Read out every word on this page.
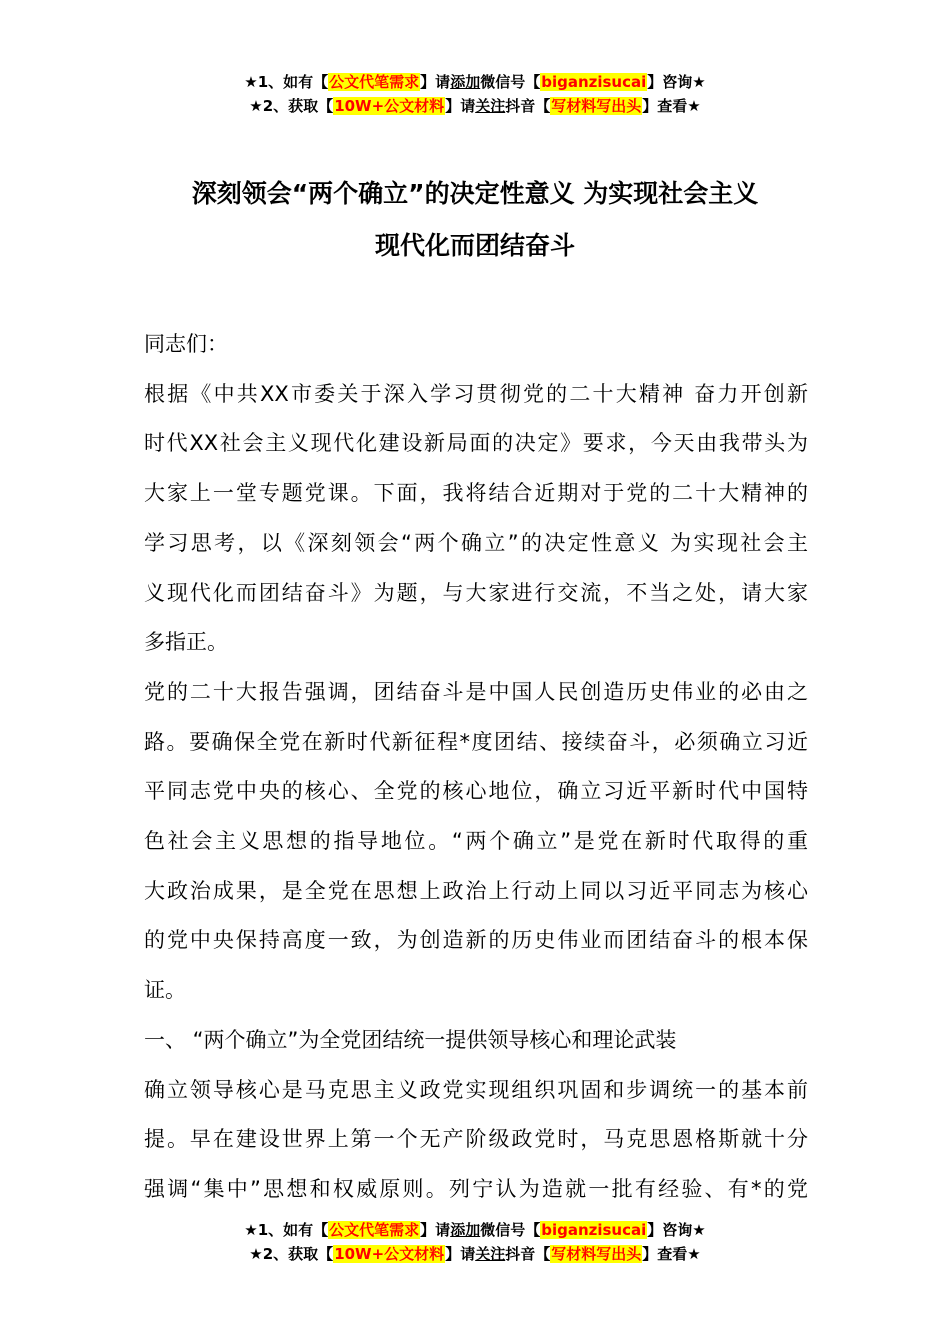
★1、如有【公文代笔需求】请添加微信号【biganzisucai】咨询★
★2、获取【10W+公文材料】请关注抖音【写材料写出头】查看★
深刻领会“两个确立”的决定性意义 为实现社会主义
现代化而团结奋斗

同志们：

根据《中共XX市委关于深入学习贯彻党的二十大精神 奋力开创新
时代XX社会主义现代化建设新局面的决定》要求，今天由我带头为
大家上一堂专题党课。下面，我将结合近期对于党的二十大精神的
学习思考，以《深刻领会“两个确立”的决定性意义 为实现社会主
义现代化而团结奋斗》为题，与大家进行交流，不当之处，请大家
多指正。

党的二十大报告强调，团结奋斗是中国人民创造历史伟业的必由之
路。要确保全党在新时代新征程*度团结、接续奋斗，必须确立习近
平同志党中央的核心、全党的核心地位，确立习近平新时代中国特
色社会主义思想的指导地位。“两个确立”是党在新时代取得的重
大政治成果，是全党在思想上政治上行动上同以习近平同志为核心
的党中央保持高度一致，为创造新的历史伟业而团结奋斗的根本保
证。

一、 “两个确立”为全党团结统一提供领导核心和理论武装

确立领导核心是马克思主义政党实现组织巩固和步调统一的基本前
提。早在建设世界上第一个无产阶级政党时，马克思恩格斯就十分
强调“集中”思想和权威原则。列宁认为造就一批有经验、有*的党

★1、如有【公文代笔需求】请添加微信号【biganzisucai】咨询★
★2、获取【10W+公文材料】请关注抖音【写材料写出头】查看★
